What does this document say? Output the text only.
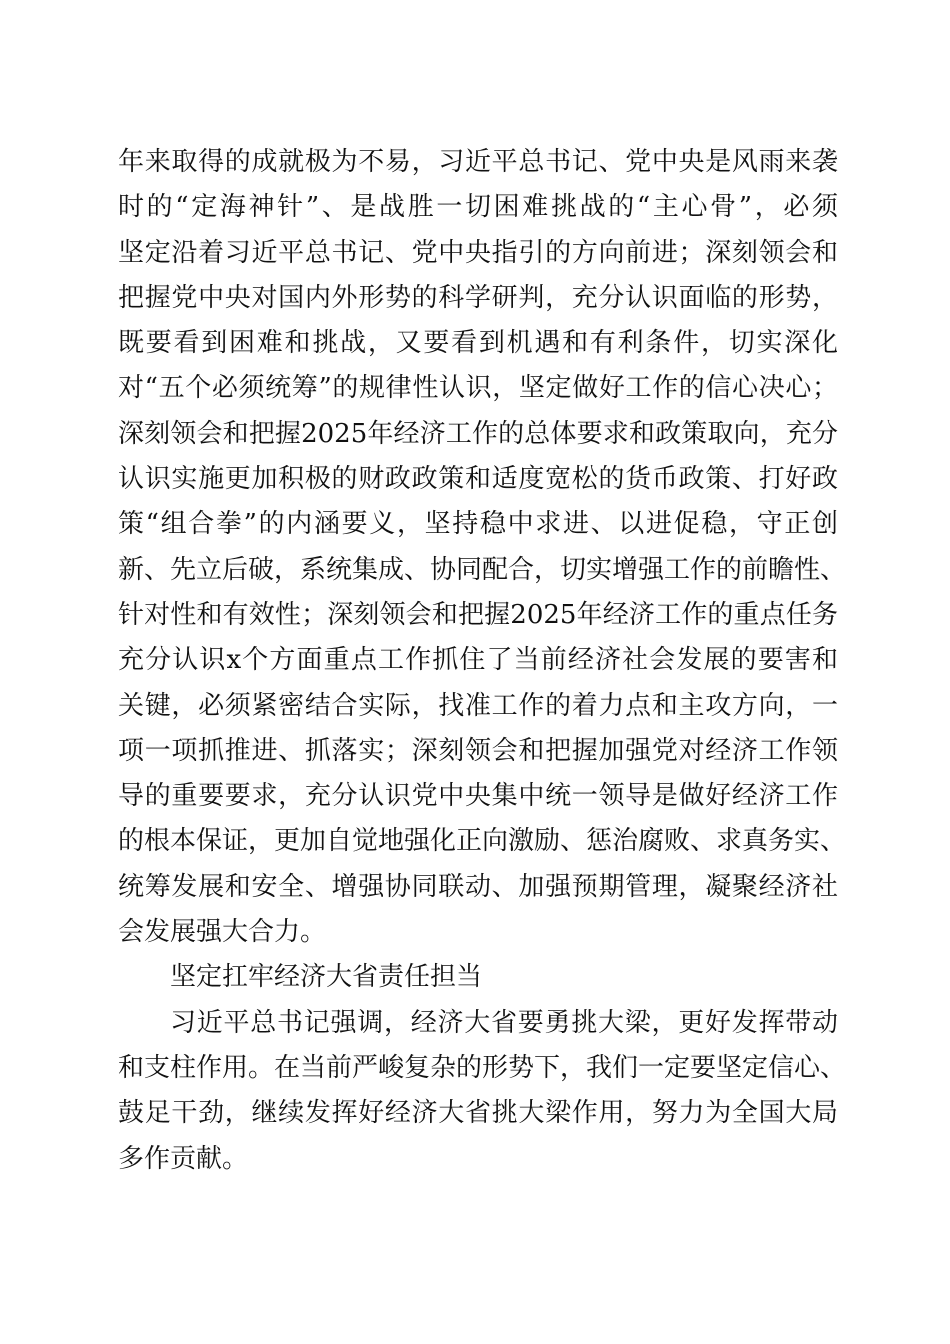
年来取得的成就极为不易，习近平总书记、党中央是风雨来袭
时的“定海神针”、是战胜一切困难挑战的“主心骨”，必须
坚定沿着习近平总书记、党中央指引的方向前进；深刻领会和
把握党中央对国内外形势的科学研判，充分认识面临的形势，
既要看到困难和挑战，又要看到机遇和有利条件，切实深化
对“五个必须统筹”的规律性认识，坚定做好工作的信心决心；
深刻领会和把握2025年经济工作的总体要求和政策取向，充分
认识实施更加积极的财政政策和适度宽松的货币政策、打好政
策“组合拳”的内涵要义，坚持稳中求进、以进促稳，守正创
新、先立后破，系统集成、协同配合，切实增强工作的前瞻性、
针对性和有效性；深刻领会和把握2025年经济工作的重点任务
充分认识x个方面重点工作抓住了当前经济社会发展的要害和
关键，必须紧密结合实际，找准工作的着力点和主攻方向，一
项一项抓推进、抓落实；深刻领会和把握加强党对经济工作领
导的重要要求，充分认识党中央集中统一领导是做好经济工作
的根本保证，更加自觉地强化正向激励、惩治腐败、求真务实、
统筹发展和安全、增强协同联动、加强预期管理，凝聚经济社
会发展强大合力。
坚定扛牢经济大省责任担当
习近平总书记强调，经济大省要勇挑大梁，更好发挥带动
和支柱作用。在当前严峻复杂的形势下，我们一定要坚定信心、
鼓足干劲，继续发挥好经济大省挑大梁作用，努力为全国大局
多作贡献。
